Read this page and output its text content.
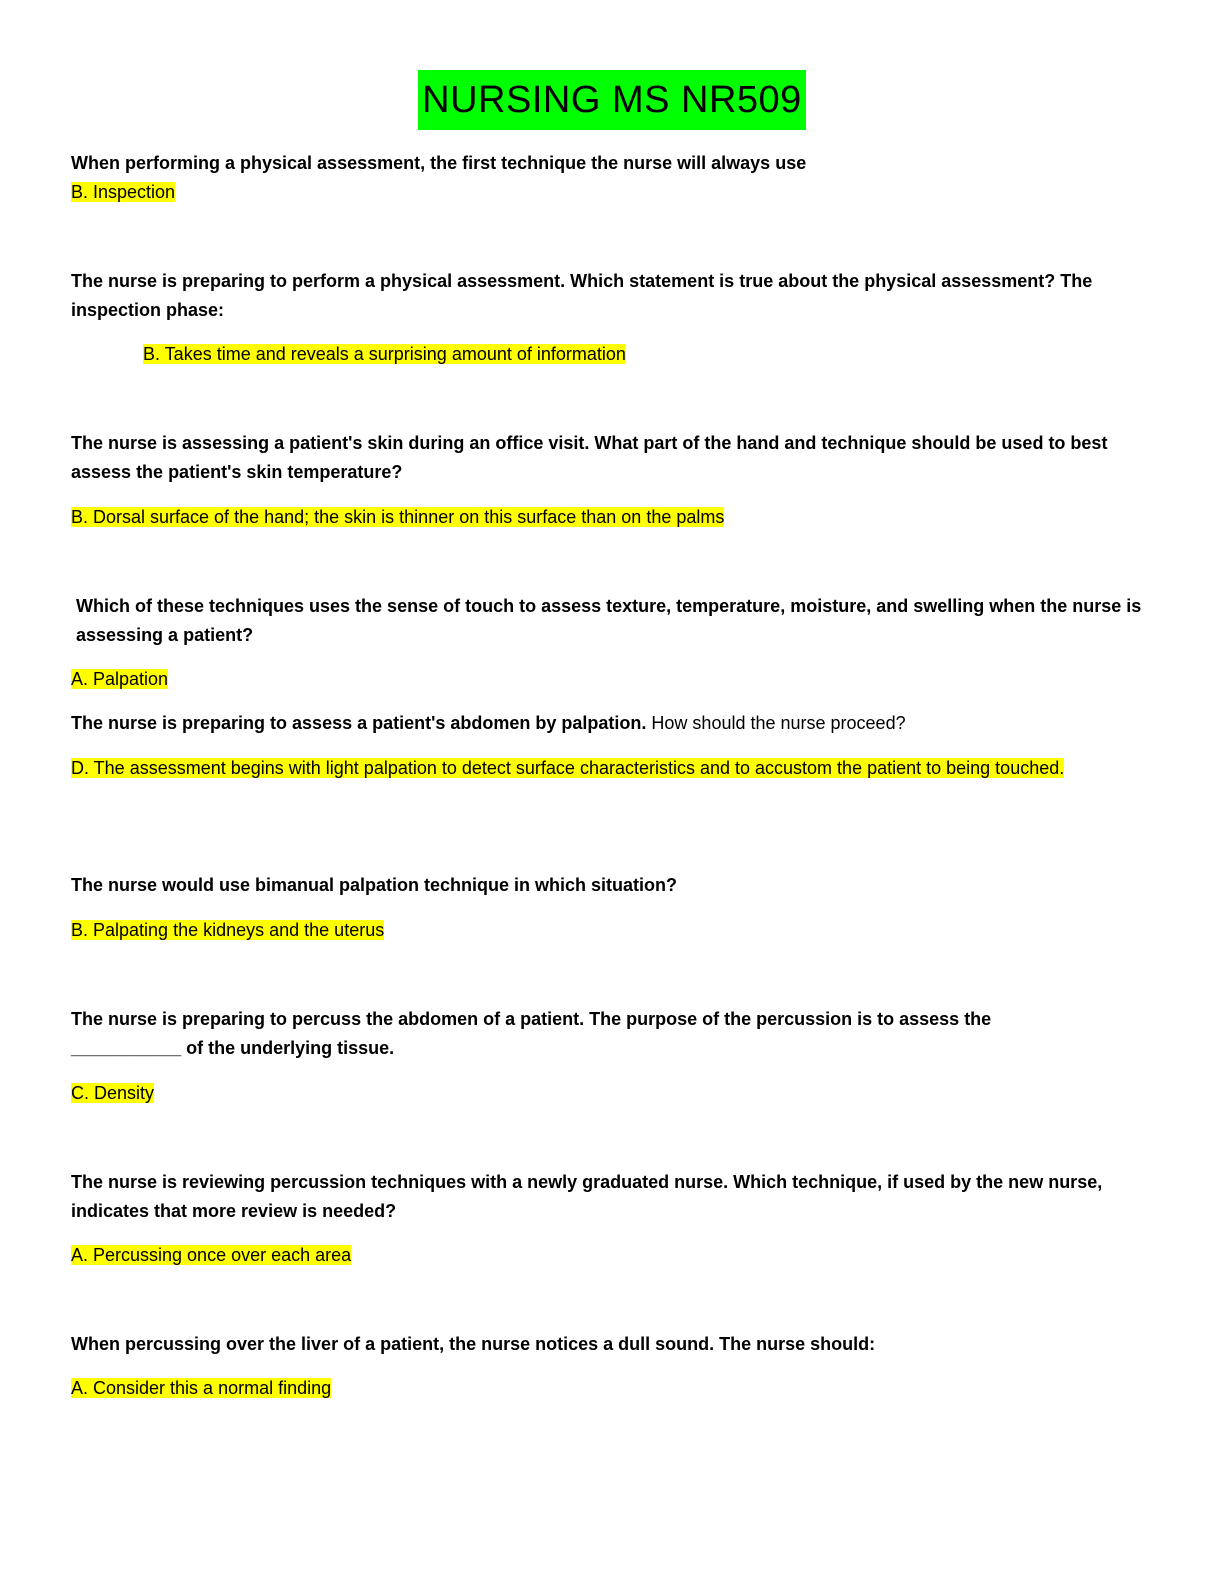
NURSING MS NR509
When performing a physical assessment, the first technique the nurse will always use
B. Inspection
The nurse is preparing to perform a physical assessment. Which statement is true about the physical assessment? The inspection phase:
B. Takes time and reveals a surprising amount of information
The nurse is assessing a patient's skin during an office visit. What part of the hand and technique should be used to best assess the patient's skin temperature?
B. Dorsal surface of the hand; the skin is thinner on this surface than on the palms
Which of these techniques uses the sense of touch to assess texture, temperature, moisture, and swelling when the nurse is assessing a patient?
A. Palpation
The nurse is preparing to assess a patient's abdomen by palpation. How should the nurse proceed?
D. The assessment begins with light palpation to detect surface characteristics and to accustom the patient to being touched.
The nurse would use bimanual palpation technique in which situation?
B. Palpating the kidneys and the uterus
The nurse is preparing to percuss the abdomen of a patient. The purpose of the percussion is to assess the ___________ of the underlying tissue.
C. Density
The nurse is reviewing percussion techniques with a newly graduated nurse. Which technique, if used by the new nurse, indicates that more review is needed?
A. Percussing once over each area
When percussing over the liver of a patient, the nurse notices a dull sound. The nurse should:
A. Consider this a normal finding
